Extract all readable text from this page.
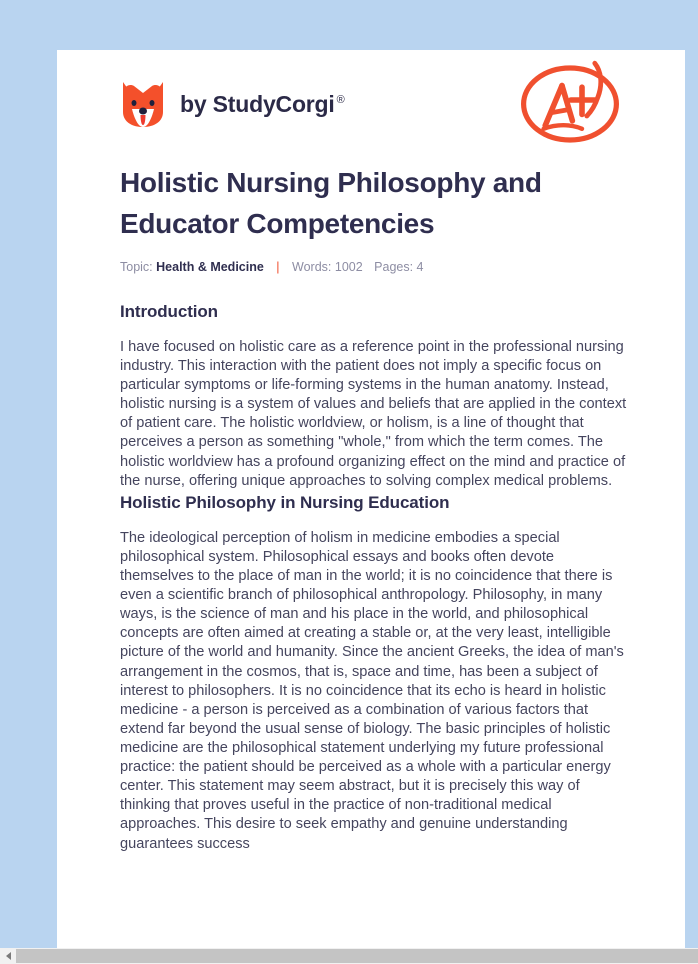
by StudyCorgi ®
Holistic Nursing Philosophy and Educator Competencies
Topic: Health & Medicine | Words: 1002 Pages: 4
Introduction

I have focused on holistic care as a reference point in the professional nursing industry. This interaction with the patient does not imply a specific focus on particular symptoms or life-forming systems in the human anatomy. Instead, holistic nursing is a system of values and beliefs that are applied in the context of patient care. The holistic worldview, or holism, is a line of thought that perceives a person as something "whole," from which the term comes. The holistic worldview has a profound organizing effect on the mind and practice of the nurse, offering unique approaches to solving complex medical problems.

Holistic Philosophy in Nursing Education

The ideological perception of holism in medicine embodies a special philosophical system. Philosophical essays and books often devote themselves to the place of man in the world; it is no coincidence that there is even a scientific branch of philosophical anthropology. Philosophy, in many ways, is the science of man and his place in the world, and philosophical concepts are often aimed at creating a stable or, at the very least, intelligible picture of the world and humanity. Since the ancient Greeks, the idea of man's arrangement in the cosmos, that is, space and time, has been a subject of interest to philosophers. It is no coincidence that its echo is heard in holistic medicine - a person is perceived as a combination of various factors that extend far beyond the usual sense of biology. The basic principles of holistic medicine are the philosophical statement underlying my future professional practice: the patient should be perceived as a whole with a particular energy center. This statement may seem abstract, but it is precisely this way of thinking that proves useful in the practice of non-traditional medical approaches. This desire to seek empathy and genuine understanding guarantees success
